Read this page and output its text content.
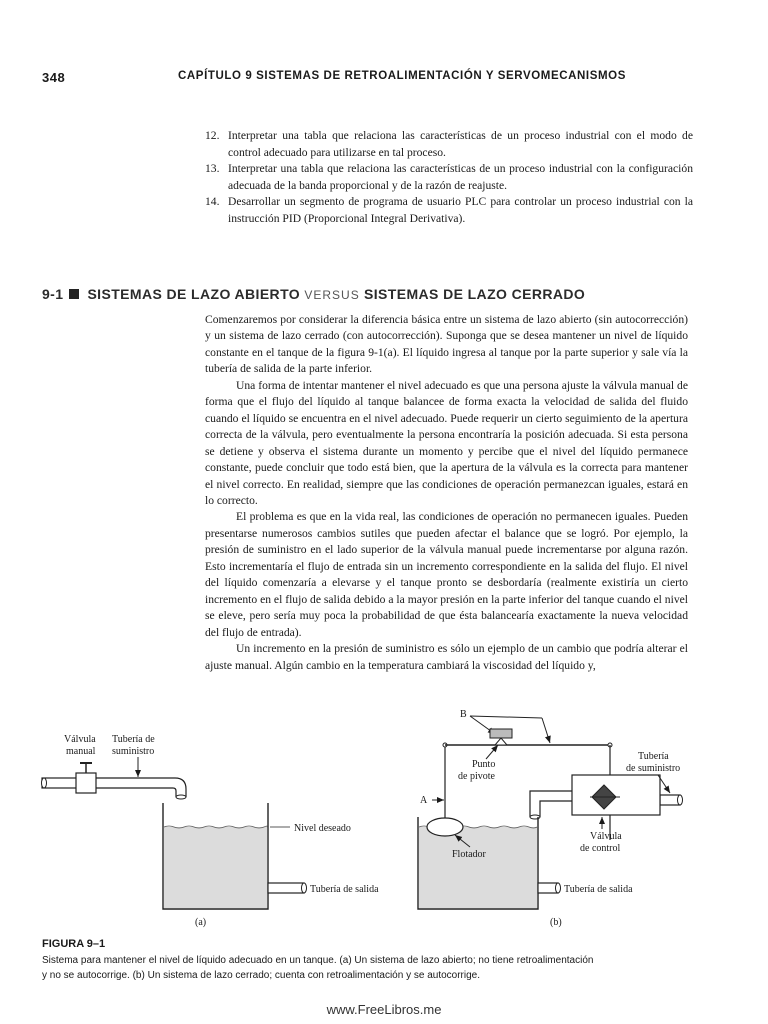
348	CAPÍTULO 9 SISTEMAS DE RETROALIMENTACIÓN Y SERVOMECANISMOS
12. Interpretar una tabla que relaciona las características de un proceso industrial con el modo de control adecuado para utilizarse en tal proceso.
13. Interpretar una tabla que relaciona las características de un proceso industrial con la configuración adecuada de la banda proporcional y de la razón de reajuste.
14. Desarrollar un segmento de programa de usuario PLC para controlar un proceso industrial con la instrucción PID (Proporcional Integral Derivativa).
9-1 SISTEMAS DE LAZO ABIERTO VERSUS SISTEMAS DE LAZO CERRADO

Comenzaremos por considerar la diferencia básica entre un sistema de lazo abierto (sin autocorrección) y un sistema de lazo cerrado (con autocorrección). Suponga que se desea mantener un nivel de líquido constante en el tanque de la figura 9-1(a). El líquido ingresa al tanque por la parte superior y sale vía la tubería de salida de la parte inferior.

Una forma de intentar mantener el nivel adecuado es que una persona ajuste la válvula manual de forma que el flujo del líquido al tanque balancee de forma exacta la velocidad de salida del fluido cuando el líquido se encuentra en el nivel adecuado. Puede requerir un cierto seguimiento de la apertura correcta de la válvula, pero eventualmente la persona encontraría la posición adecuada. Si esta persona se detiene y observa el sistema durante un momento y percibe que el nivel del líquido permanece constante, puede concluir que todo está bien, que la apertura de la válvula es la correcta para mantener el nivel correcto. En realidad, siempre que las condiciones de operación permanezcan iguales, estará en lo correcto.

El problema es que en la vida real, las condiciones de operación no permanecen iguales. Pueden presentarse numerosos cambios sutiles que pueden afectar el balance que se logró. Por ejemplo, la presión de suministro en el lado superior de la válvula manual puede incrementarse por alguna razón. Esto incrementaría el flujo de entrada sin un incremento correspondiente en la salida del flujo. El nivel del líquido comenzaría a elevarse y el tanque pronto se desbordaría (realmente existiría un cierto incremento en el flujo de salida debido a la mayor presión en la parte inferior del tanque cuando el nivel se eleve, pero sería muy poca la probabilidad de que ésta balancearía exactamente la nueva velocidad del flujo de entrada).

Un incremento en la presión de suministro es sólo un ejemplo de un cambio que podría alterar el ajuste manual. Algún cambio en la temperatura cambiará la viscosidad del líquido y,

Válvula
manual
Tubería de
suministro
Nivel deseado
Tubería de salida
(a)
B
A
Punto
de pivote
Tubería
de suministro
Válvula
de control
Flotador
Tubería de salida
(b)
FIGURA 9–1
Sistema para mantener el nivel de líquido adecuado en un tanque. (a) Un sistema de lazo abierto; no tiene retroalimentación
y no se autocorrige. (b) Un sistema de lazo cerrado; cuenta con retroalimentación y se autocorrige.
www.FreeLibros.me
